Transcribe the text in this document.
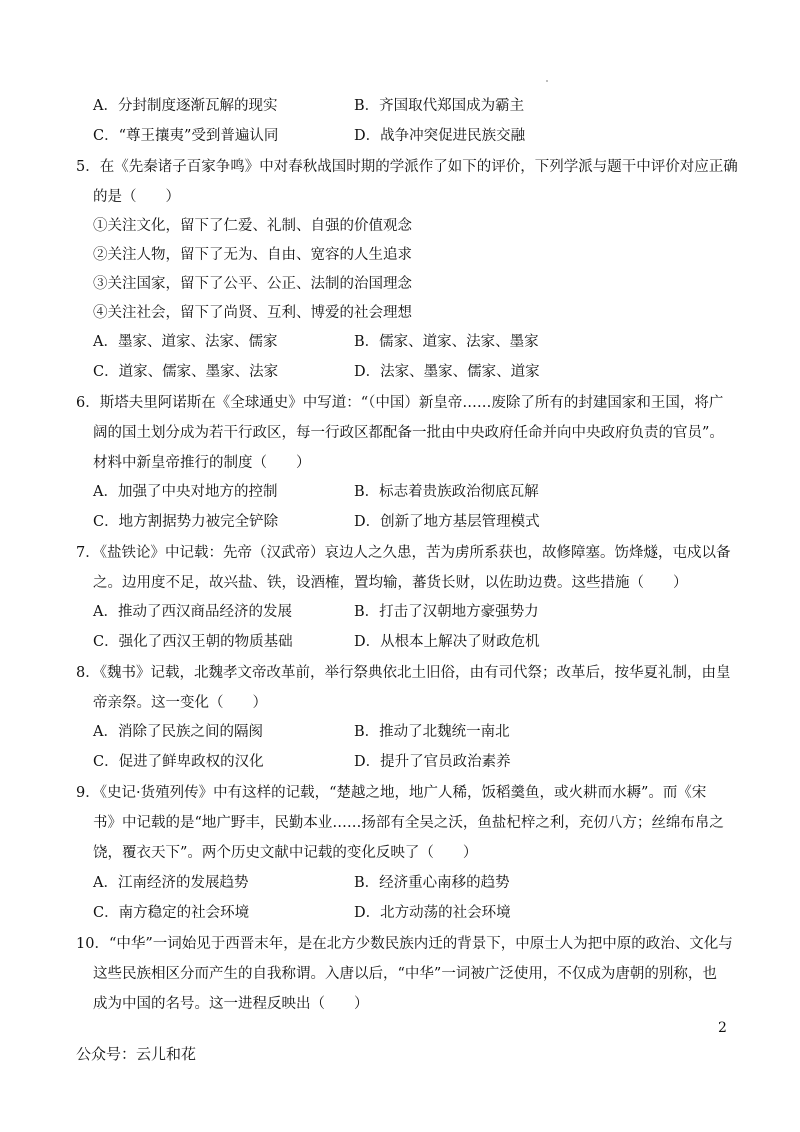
A．分封制度逐渐瓦解的现实	B．齐国取代郑国成为霸主
C．“尊王攘夷”受到普遍认同	D．战争冲突促进民族交融
5．在《先秦诸子百家争鸣》中对春秋战国时期的学派作了如下的评价，下列学派与题干中评价对应正确
的是（　　）
①关注文化，留下了仁爱、礼制、自强的价值观念
②关注人物，留下了无为、自由、宽容的人生追求
③关注国家，留下了公平、公正、法制的治国理念
④关注社会，留下了尚贤、互利、博爱的社会理想
A．墨家、道家、法家、儒家	B．儒家、道家、法家、墨家
C．道家、儒家、墨家、法家	D．法家、墨家、儒家、道家
6．斯塔夫里阿诺斯在《全球通史》中写道：“（中国）新皇帝……废除了所有的封建国家和王国，将广
阔的国土划分成为若干行政区，每一行政区都配备一批由中央政府任命并向中央政府负责的官员”。
材料中新皇帝推行的制度（　　）
A．加强了中央对地方的控制	B．标志着贵族政治彻底瓦解
C．地方割据势力被完全铲除	D．创新了地方基层管理模式
7．《盐铁论》中记载：先帝（汉武帝）哀边人之久患，苦为虏所系获也，故修障塞。饬烽燧，屯戍以备
之。边用度不足，故兴盐、铁，设酒榷，置均输，蕃货长财，以佐助边费。这些措施（　　）
A．推动了西汉商品经济的发展	B．打击了汉朝地方豪强势力
C．强化了西汉王朝的物质基础	D．从根本上解决了财政危机
8．《魏书》记载，北魏孝文帝改革前，举行祭典依北土旧俗，由有司代祭；改革后，按华夏礼制，由皇
帝亲祭。这一变化（　　）
A．消除了民族之间的隔阂	B．推动了北魏统一南北
C．促进了鲜卑政权的汉化	D．提升了官员政治素养
9．《史记·货殖列传》中有这样的记载，“楚越之地，地广人稀，饭稻羹鱼，或火耕而水耨”。而《宋
书》中记载的是“地广野丰，民勤本业……扬部有全吴之沃，鱼盐杞梓之利，充仞八方；丝绵布帛之
饶，覆衣天下”。两个历史文献中记载的变化反映了（　　）
A．江南经济的发展趋势	B．经济重心南移的趋势
C．南方稳定的社会环境	D．北方动荡的社会环境
10．“中华”一词始见于西晋末年，是在北方少数民族内迁的背景下，中原士人为把中原的政治、文化与
这些民族相区分而产生的自我称谓。入唐以后，“中华”一词被广泛使用，不仅成为唐朝的别称，也
成为中国的名号。这一进程反映出（　　）
2
公众号：云儿和花
